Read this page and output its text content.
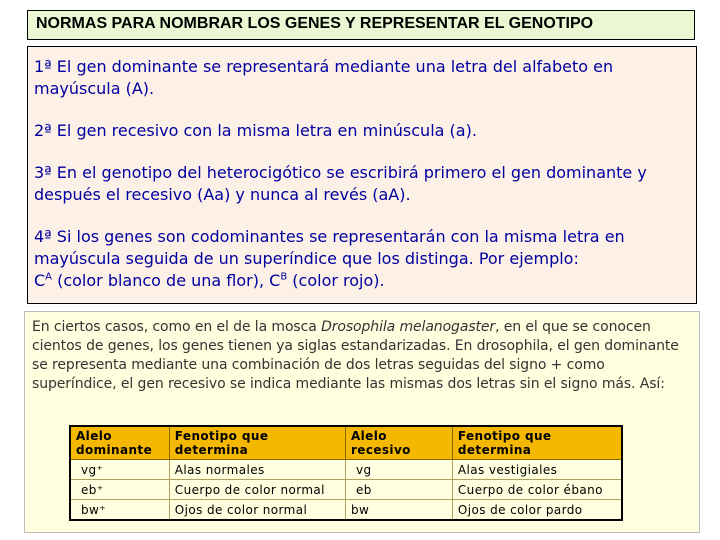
NORMAS PARA NOMBRAR LOS GENES Y REPRESENTAR EL GENOTIPO

1ª El gen dominante se representará mediante una letra del alfabeto en mayúscula (A).

2ª El gen recesivo con la misma letra en minúscula (a).

3ª En el genotipo del heterocigótico se escribirá primero el gen dominante y después el recesivo (Aa) y nunca al revés (aA).

4ª Si los genes son codominantes se representarán con la misma letra en mayúscula seguida de un superíndice que los distinga. Por ejemplo:
$C^A$ (color blanco de una flor), $C^B$ (color rojo).

En ciertos casos, como en el de la mosca Drosophila melanogaster, en el que se conocen cientos de genes, los genes tienen ya siglas estandarizadas. En drosophila, el gen dominante se representa mediante una combinación de dos letras seguidas del signo + como superíndice, el gen recesivo se indica mediante las mismas dos letras sin el signo más. Así:

Alelo dominante	Fenotipo que determina	Alelo recesivo	Fenotipo que determina
vg⁺	Alas normales	vg	Alas vestigiales
eb⁺	Cuerpo de color normal	eb	Cuerpo de color ébano
bw⁺	Ojos de color normal	bw	Ojos de color pardo
